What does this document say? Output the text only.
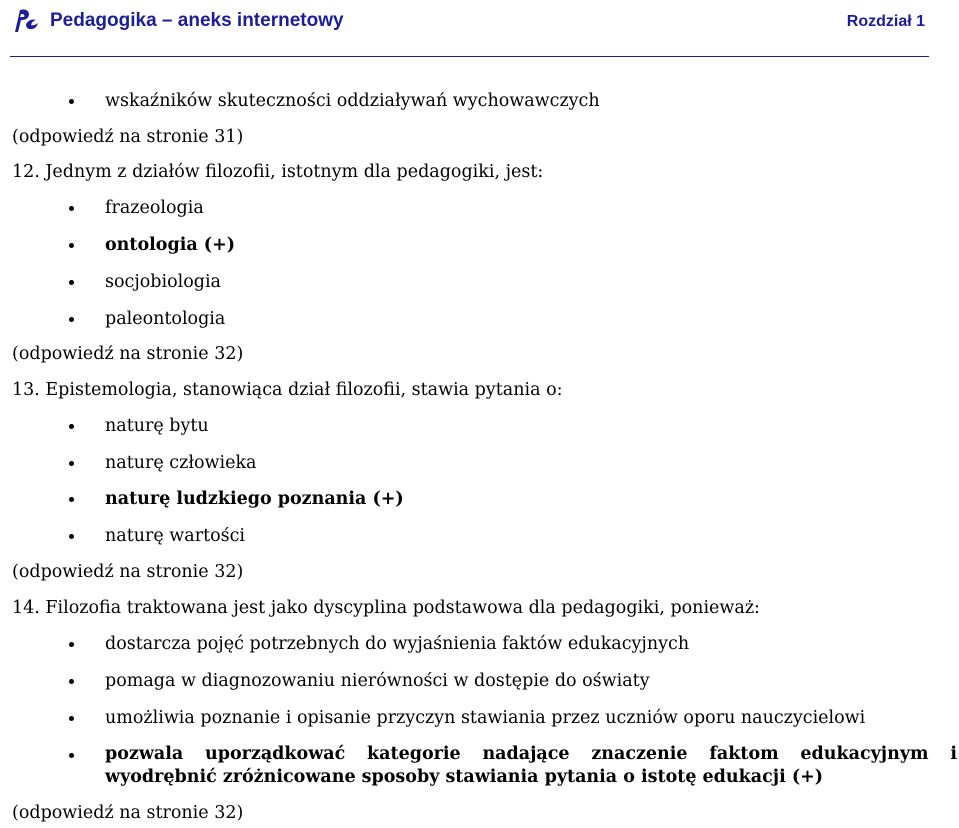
Pedagogika – aneks internetowy	Rozdział 1
wskaźników skuteczności oddziaływań wychowawczych
(odpowiedź na stronie 31)
12. Jednym z działów filozofii, istotnym dla pedagogiki, jest:
frazeologia
ontologia (+)
socjobiologia
paleontologia
(odpowiedź na stronie 32)
13. Epistemologia, stanowiąca dział filozofii, stawia pytania o:
naturę bytu
naturę człowieka
naturę ludzkiego poznania (+)
naturę wartości
(odpowiedź na stronie 32)
14. Filozofia traktowana jest jako dyscyplina podstawowa dla pedagogiki, ponieważ:
dostarcza pojęć potrzebnych do wyjaśnienia faktów edukacyjnych
pomaga w diagnozowaniu nierówności w dostępie do oświaty
umożliwia poznanie i opisanie przyczyn stawiania przez uczniów oporu nauczycielowi
pozwala uporządkować kategorie nadające znaczenie faktom edukacyjnym i wyodrębnić zróżnicowane sposoby stawiania pytania o istotę edukacji (+)
(odpowiedź na stronie 32)
